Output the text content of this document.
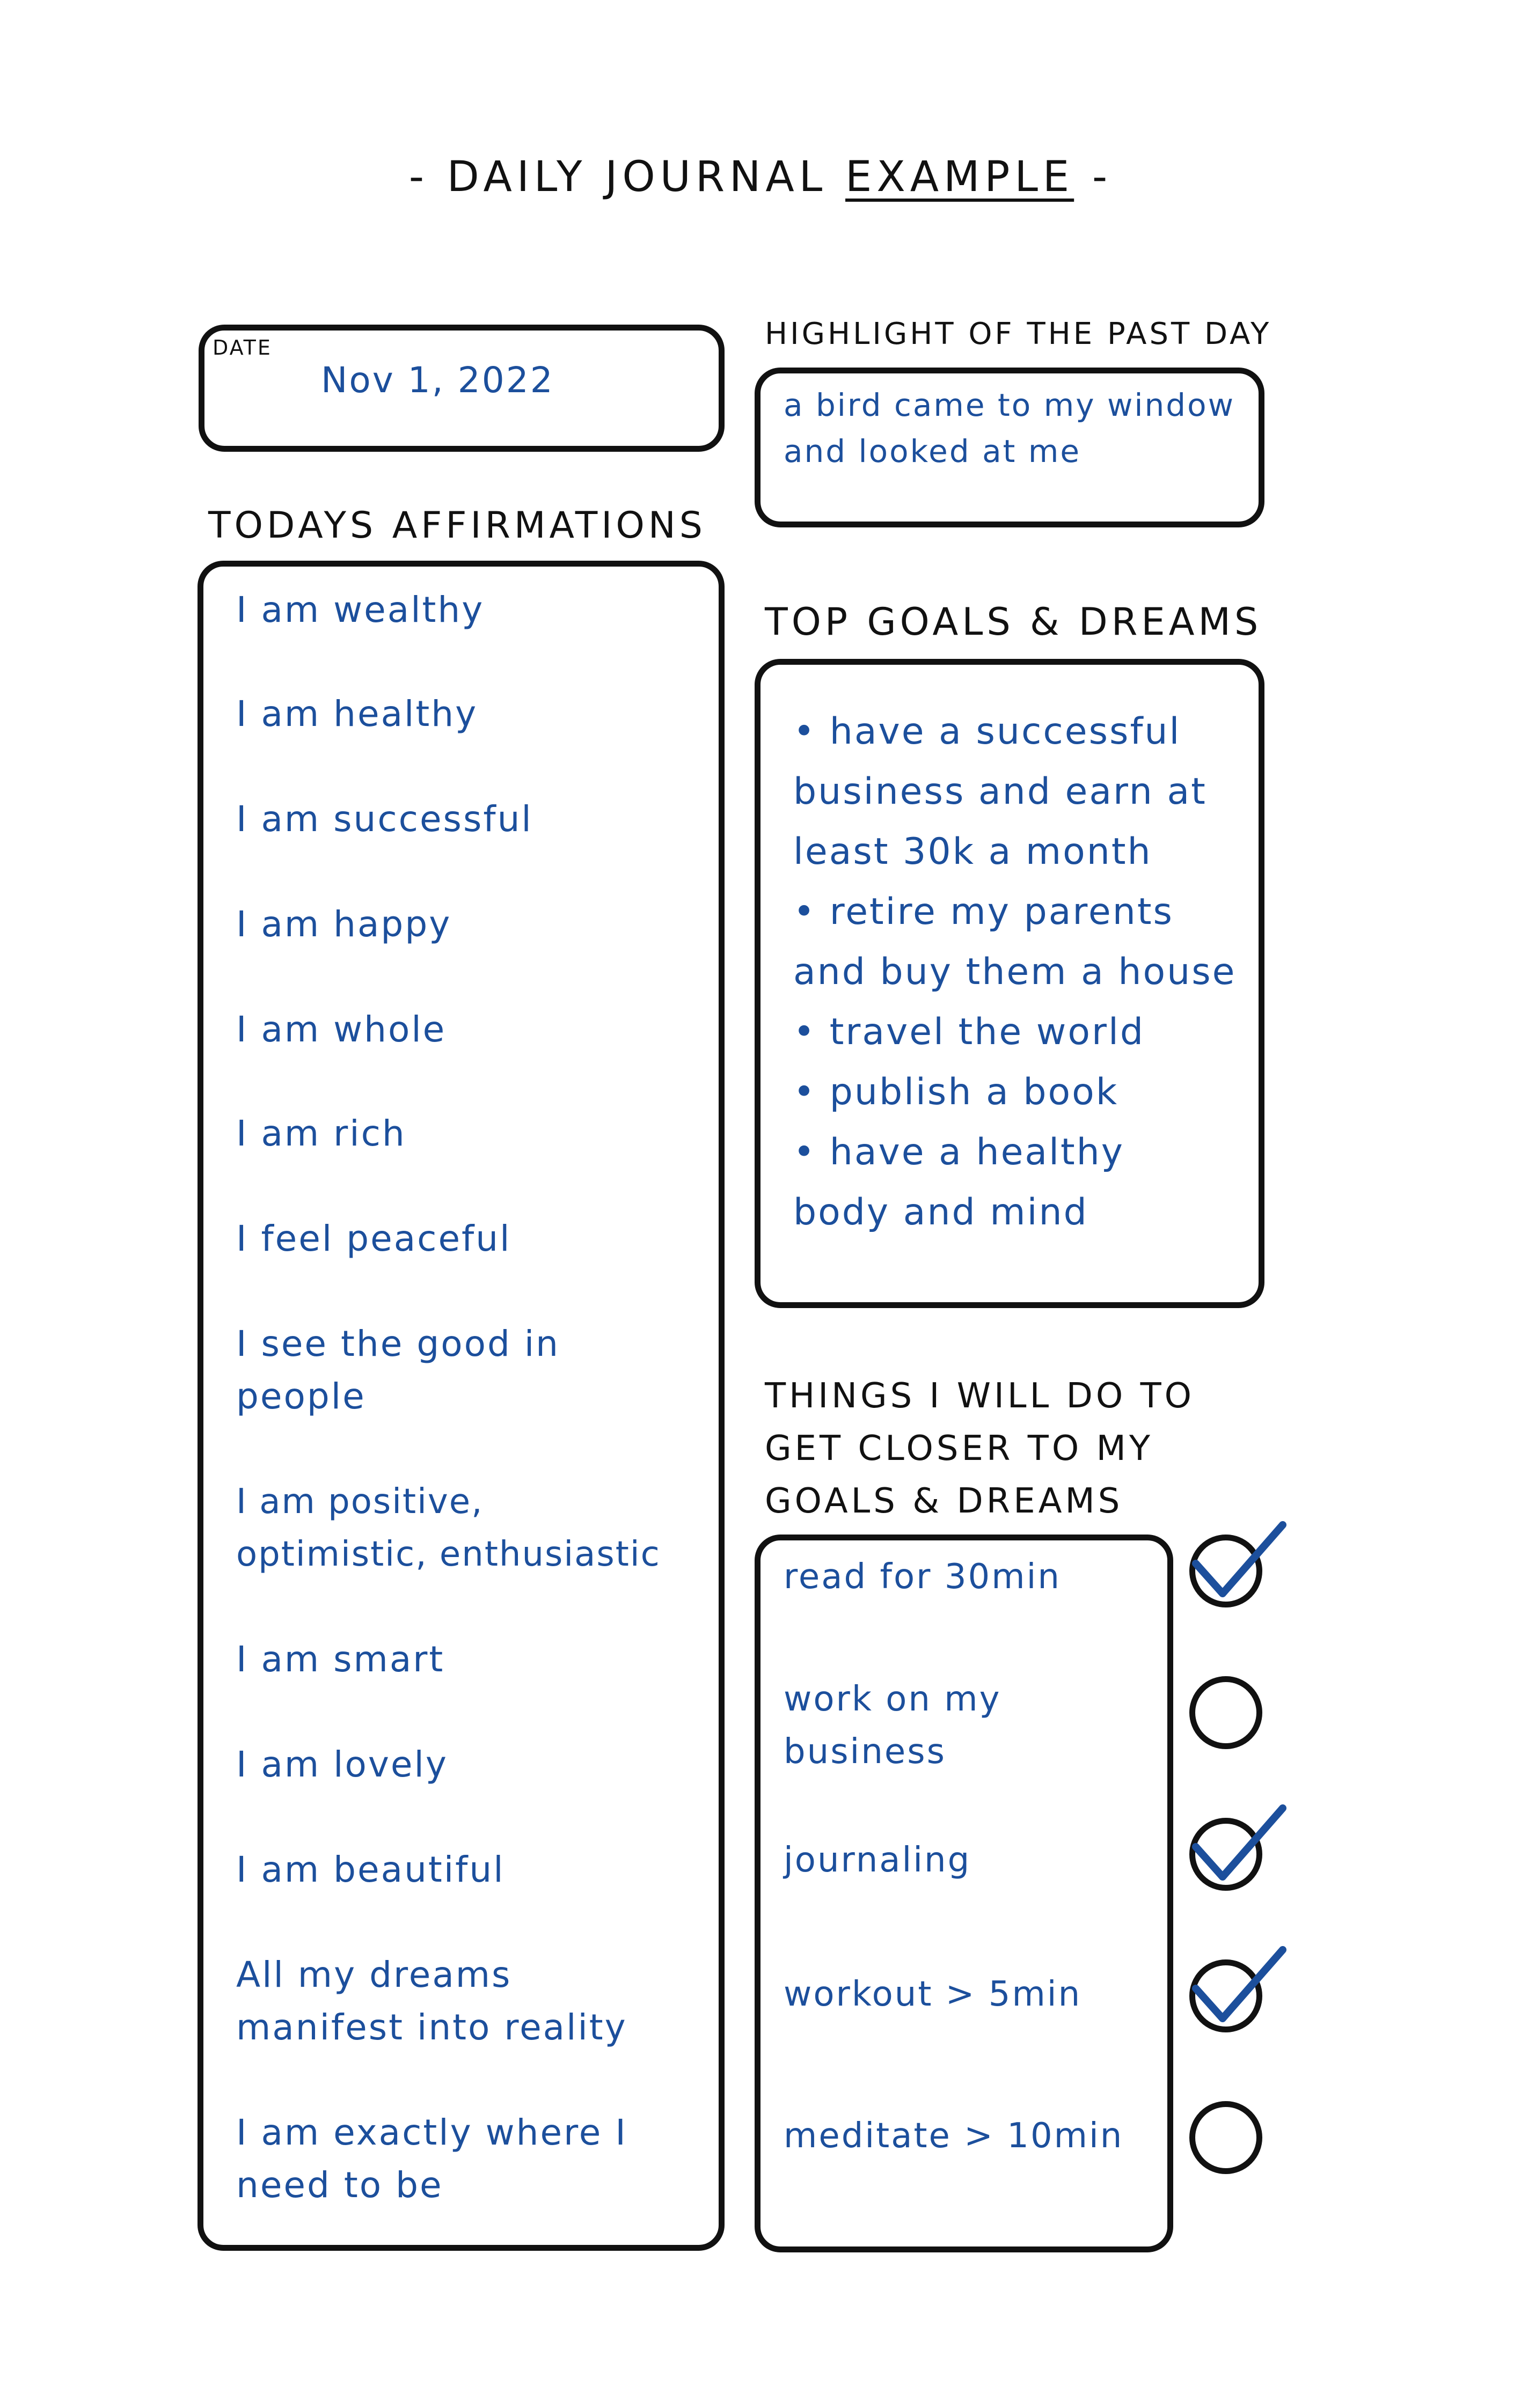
- DAILY JOURNAL EXAMPLE -
DATE
Nov 1, 2022
HIGHLIGHT OF THE PAST DAY
a bird came to my window
and looked at me
TODAYS AFFIRMATIONS
I am wealthy
I am healthy
I am successful
I am happy
I am whole
I am rich
I feel peaceful
I see the good in
people
I am positive,
optimistic, enthusiastic
I am smart
I am lovely
I am beautiful
All my dreams
manifest into reality
I am exactly where I
need to be
TOP GOALS & DREAMS
• have a successful
business and earn at
least 30k a month
• retire my parents
and buy them a house
• travel the world
• publish a book
• have a healthy
body and mind
THINGS I WILL DO TO
GET CLOSER TO MY
GOALS & DREAMS
read for 30min
work on my
business
journaling
workout > 5min
meditate > 10min
